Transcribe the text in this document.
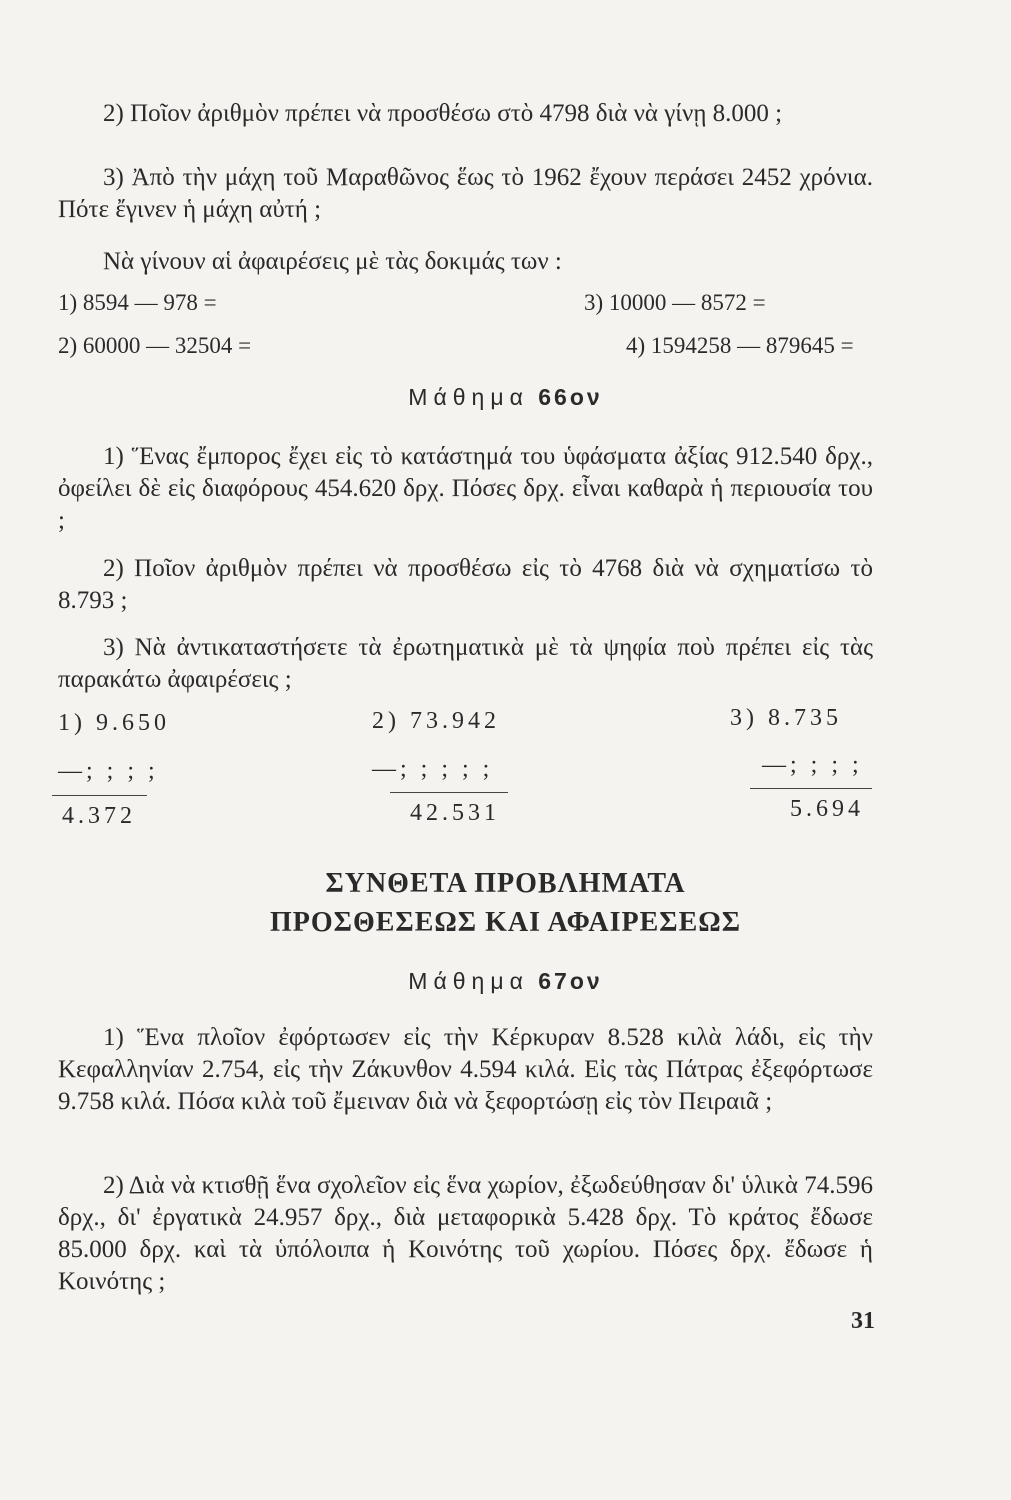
2) Ποῖον ἀριθμὸν πρέπει νὰ προσθέσω στὸ 4798 διὰ νὰ γίνῃ 8.000 ;

3) Ἀπὸ τὴν μάχη τοῦ Μαραθῶνος ἕως τὸ 1962 ἔχουν περάσει 2452 χρόνια. Πότε ἔγινεν ἡ μάχη αὐτή ;

Νὰ γίνουν αἱ ἀφαιρέσεις μὲ τὰς δοκιμάς των :

1) 8594 — 978 =	3) 10000 — 8572 =
2) 60000 — 32504 =	4) 1594258 — 879645 =
Μάθημα 66ον

1) Ἕνας ἔμπορος ἔχει εἰς τὸ κατάστημά του ὑφάσματα ἀξίας 912.540 δρχ., ὀφείλει δὲ εἰς διαφόρους 454.620 δρχ. Πόσες δρχ. εἶναι καθαρὰ ἡ περιουσία του ;

2) Ποῖον ἀριθμὸν πρέπει νὰ προσθέσω εἰς τὸ 4768 διὰ νὰ σχηματίσω τὸ 8.793 ;

3) Νὰ ἀντικαταστήσετε τὰ ἐρωτηματικὰ μὲ τὰ ψηφία ποὺ πρέπει εἰς τὰς παρακάτω ἀφαιρέσεις ;

1) 9.650
—; ; ; ;
4.372
2) 73.942
—; ; ; ; ;
42.531
3) 8.735
—; ; ; ;
5.694
ΣΥΝΘΕΤΑ ΠΡΟΒΛΗΜΑΤΑ
ΠΡΟΣΘΕΣΕΩΣ ΚΑΙ ΑΦΑΙΡΕΣΕΩΣ
Μάθημα 67ον

1) Ἕνα πλοῖον ἐφόρτωσεν εἰς τὴν Κέρκυραν 8.528 κιλὰ λάδι, εἰς τὴν Κεφαλληνίαν 2.754, εἰς τὴν Ζάκυνθον 4.594 κιλά. Εἰς τὰς Πάτρας ἐξεφόρτωσε 9.758 κιλά. Πόσα κιλὰ τοῦ ἔμειναν διὰ νὰ ξεφορτώσῃ εἰς τὸν Πειραιᾶ ;

2) Διὰ νὰ κτισθῇ ἕνα σχολεῖον εἰς ἕνα χωρίον, ἐξωδεύθησαν δι' ὑλικὰ 74.596 δρχ., δι' ἐργατικὰ 24.957 δρχ., διὰ μεταφορικὰ 5.428 δρχ. Τὸ κράτος ἔδωσε 85.000 δρχ. καὶ τὰ ὑπόλοιπα ἡ Κοινότης τοῦ χωρίου. Πόσες δρχ. ἔδωσε ἡ Κοινότης ;

31
